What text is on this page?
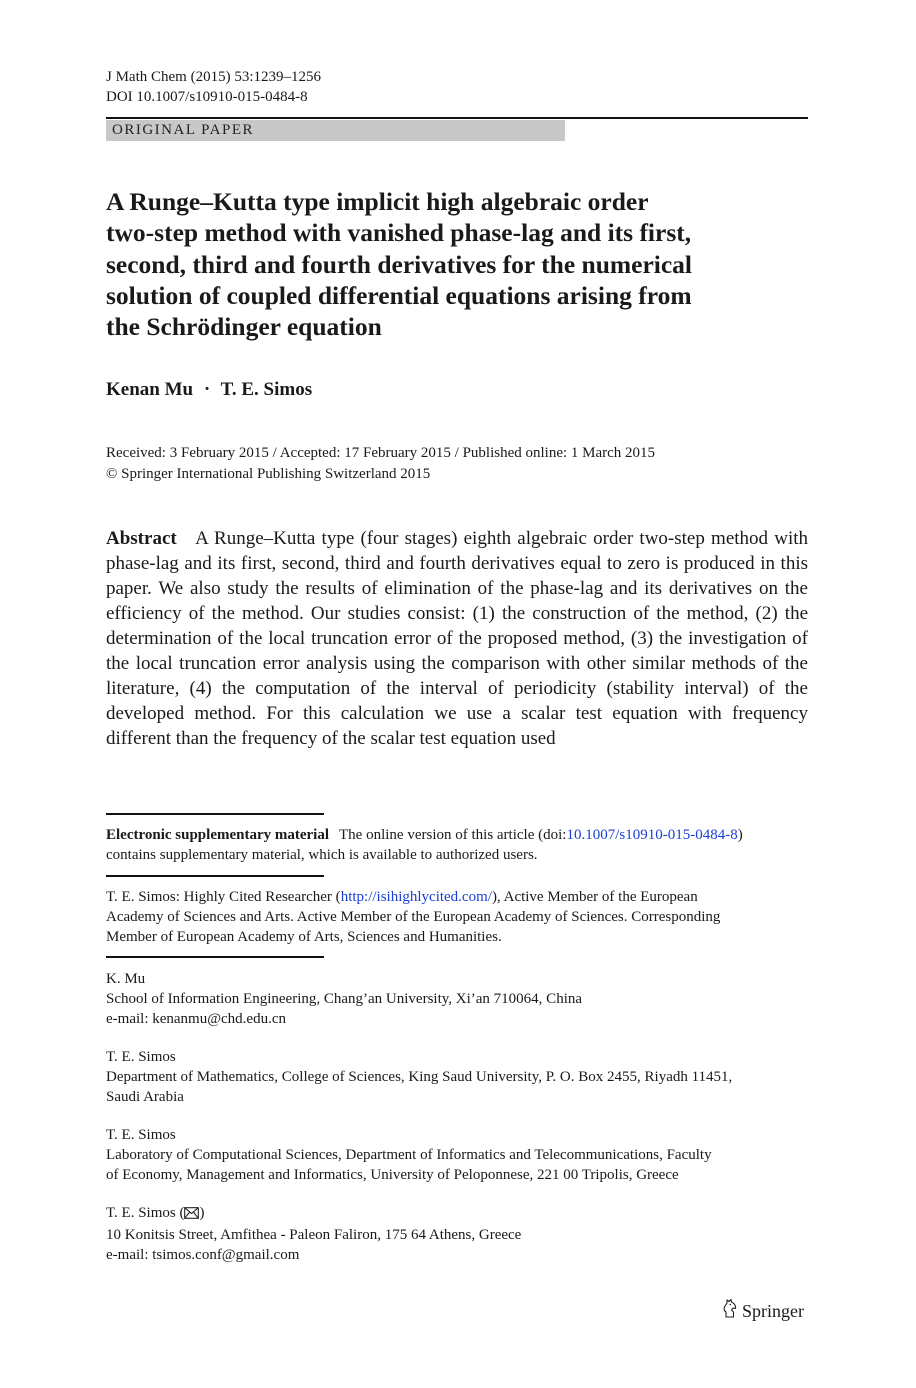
J Math Chem (2015) 53:1239–1256
DOI 10.1007/s10910-015-0484-8
ORIGINAL PAPER
A Runge–Kutta type implicit high algebraic order
two-step method with vanished phase-lag and its first,
second, third and fourth derivatives for the numerical
solution of coupled differential equations arising from
the Schrödinger equation
Kenan Mu · T. E. Simos
Received: 3 February 2015 / Accepted: 17 February 2015 / Published online: 1 March 2015
© Springer International Publishing Switzerland 2015
Abstract A Runge–Kutta type (four stages) eighth algebraic order two-step method with phase-lag and its first, second, third and fourth derivatives equal to zero is produced in this paper. We also study the results of elimination of the phase-lag and its derivatives on the efficiency of the method. Our studies consist: (1) the construction of the method, (2) the determination of the local truncation error of the proposed method, (3) the investigation of the local truncation error analysis using the comparison with other similar methods of the literature, (4) the computation of the interval of periodicity (stability interval) of the developed method. For this calculation we use a scalar test equation with frequency different than the frequency of the scalar test equation used
Electronic supplementary material The online version of this article (doi:10.1007/s10910-015-0484-8)
contains supplementary material, which is available to authorized users.
T. E. Simos: Highly Cited Researcher (http://isihighlycited.com/), Active Member of the European
Academy of Sciences and Arts. Active Member of the European Academy of Sciences. Corresponding
Member of European Academy of Arts, Sciences and Humanities.
K. Mu
School of Information Engineering, Chang’an University, Xi’an 710064, China
e-mail: kenanmu@chd.edu.cn
T. E. Simos
Department of Mathematics, College of Sciences, King Saud University, P. O. Box 2455, Riyadh 11451,
Saudi Arabia
T. E. Simos
Laboratory of Computational Sciences, Department of Informatics and Telecommunications, Faculty
of Economy, Management and Informatics, University of Peloponnese, 221 00 Tripolis, Greece
T. E. Simos ( )
10 Konitsis Street, Amfithea - Paleon Faliron, 175 64 Athens, Greece
e-mail: tsimos.conf@gmail.com
Springer
